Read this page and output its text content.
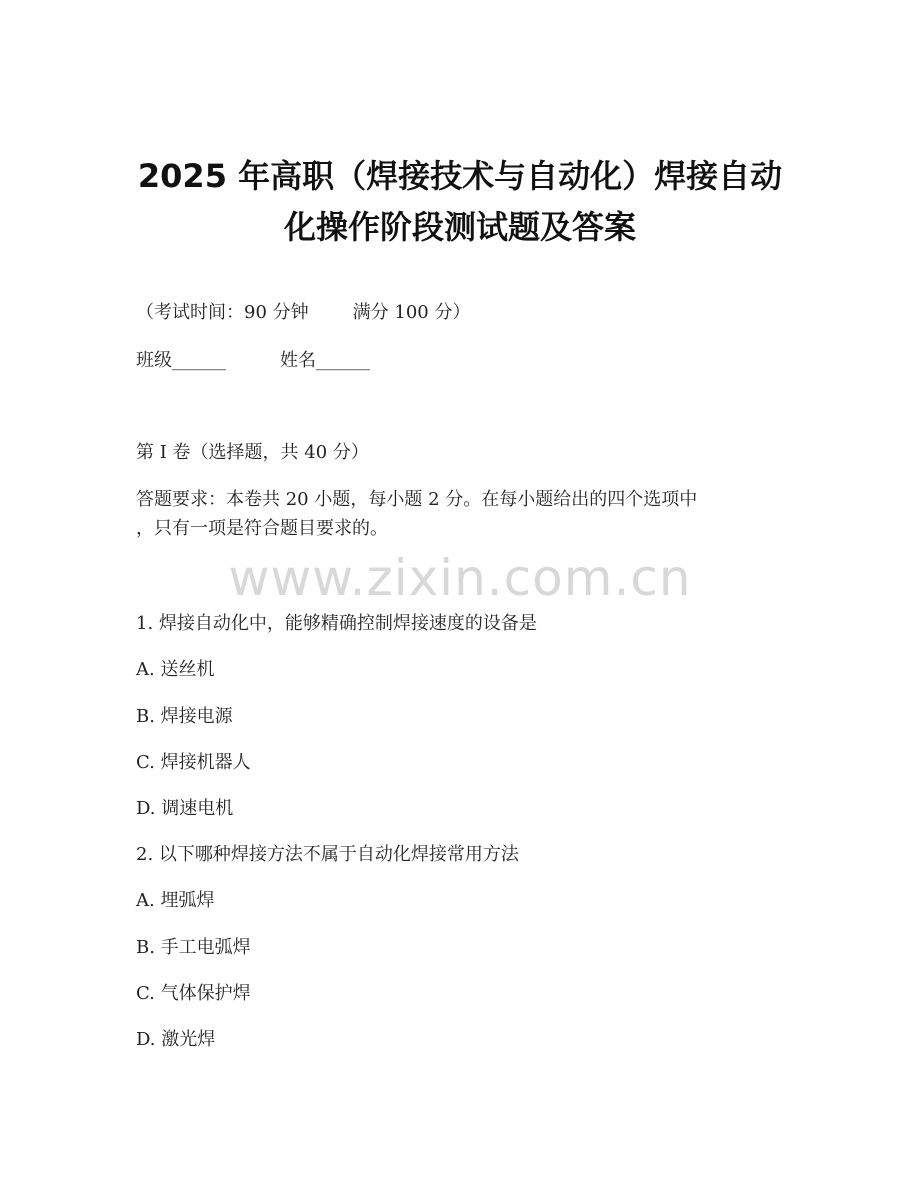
2025 年高职（焊接技术与自动化）焊接自动
化操作阶段测试题及答案
（考试时间：90 分钟 满分 100 分）
班级______	姓名______
第 I 卷（选择题，共 40 分）
答题要求：本卷共 20 小题，每小题 2 分。在每小题给出的四个选项中
，只有一项是符合题目要求的。
www.zixin.com.cn
1. 焊接自动化中，能够精确控制焊接速度的设备是
A. 送丝机
B. 焊接电源
C. 焊接机器人
D. 调速电机
2. 以下哪种焊接方法不属于自动化焊接常用方法
A. 埋弧焊
B. 手工电弧焊
C. 气体保护焊
D. 激光焊
